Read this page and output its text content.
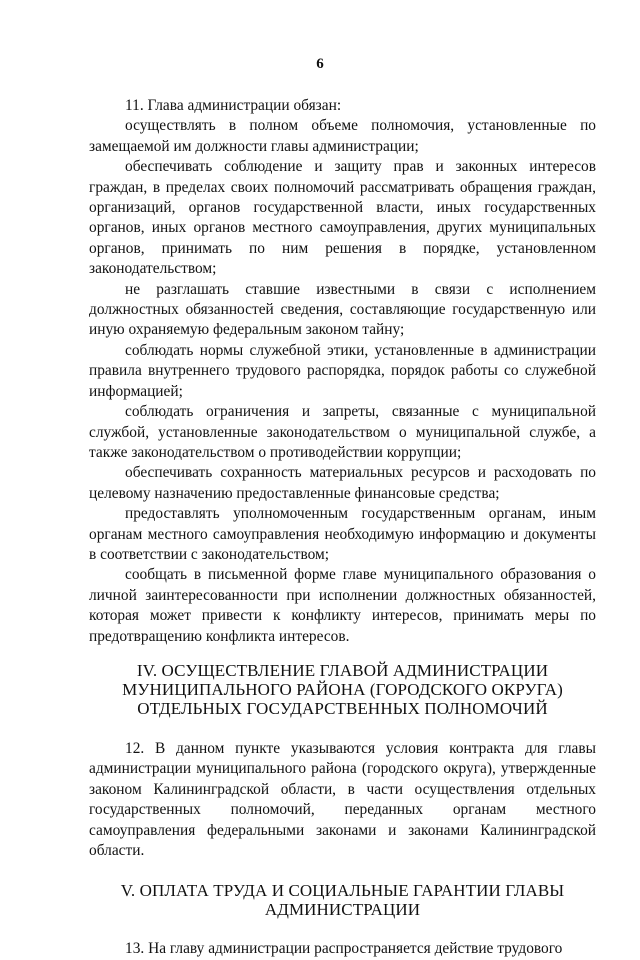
6

11. Глава администрации обязан:

осуществлять в полном объеме полномочия, установленные по замещаемой им должности главы администрации;

обеспечивать соблюдение и защиту прав и законных интересов граждан, в пределах своих полномочий рассматривать обращения граждан, организаций, органов государственной власти, иных государственных органов, иных органов местного самоуправления, других муниципальных органов, принимать по ним решения в порядке, установленном законодательством;

не разглашать ставшие известными в связи с исполнением должностных обязанностей сведения, составляющие государственную или иную охраняемую федеральным законом тайну;

соблюдать нормы служебной этики, установленные в администрации правила внутреннего трудового распорядка, порядок работы со служебной информацией;

соблюдать ограничения и запреты, связанные с муниципальной службой, установленные законодательством о муниципальной службе, а также законодательством о противодействии коррупции;

обеспечивать сохранность материальных ресурсов и расходовать по целевому назначению предоставленные финансовые средства;

предоставлять уполномоченным государственным органам, иным органам местного самоуправления необходимую информацию и документы в соответствии с законодательством;

сообщать в письменной форме главе муниципального образования о личной заинтересованности при исполнении должностных обязанностей, которая может привести к конфликту интересов, принимать меры по предотвращению конфликта интересов.

IV. ОСУЩЕСТВЛЕНИЕ ГЛАВОЙ АДМИНИСТРАЦИИ МУНИЦИПАЛЬНОГО РАЙОНА (ГОРОДСКОГО ОКРУГА) ОТДЕЛЬНЫХ ГОСУДАРСТВЕННЫХ ПОЛНОМОЧИЙ

12. В данном пункте указываются условия контракта для главы администрации муниципального района (городского округа), утвержденные законом Калининградской области, в части осуществления отдельных государственных полномочий, переданных органам местного самоуправления федеральными законами и законами Калининградской области.

V. ОПЛАТА ТРУДА И СОЦИАЛЬНЫЕ ГАРАНТИИ ГЛАВЫ АДМИНИСТРАЦИИ

13. На главу администрации распространяется действие трудового
